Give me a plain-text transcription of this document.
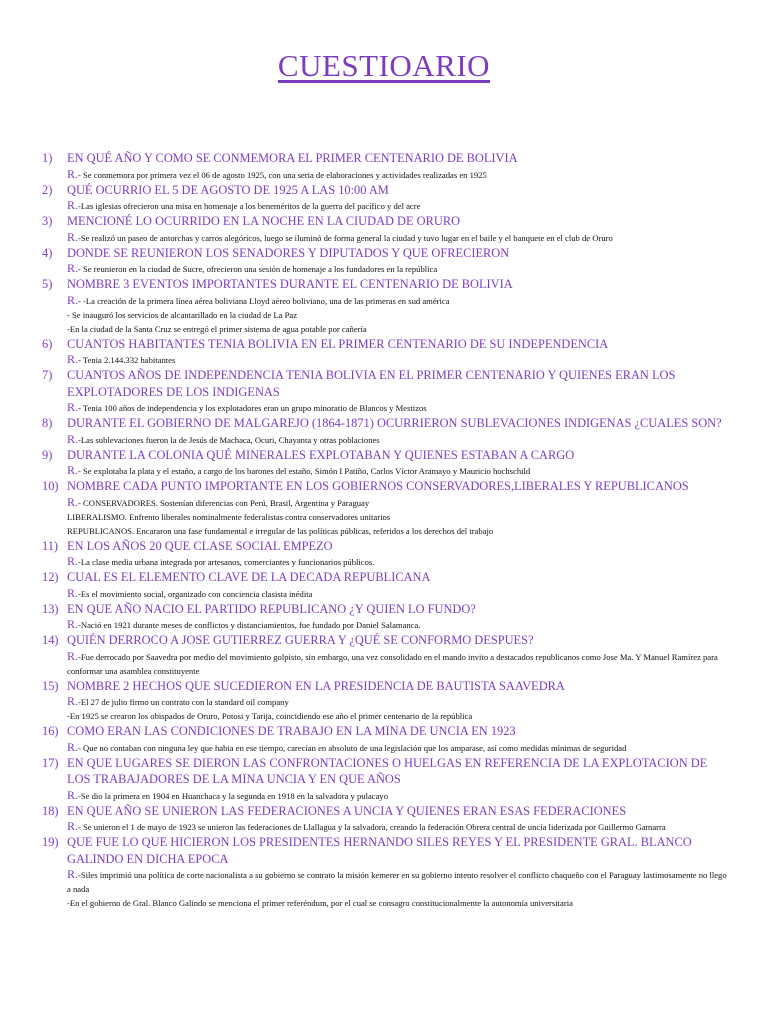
CUESTIOARIO
1) EN QUÉ AÑO Y COMO SE CONMEMORA EL PRIMER CENTENARIO DE BOLIVIA
R.- Se conmemora por primera vez el 06 de agosto 1925, con una seria de elaboraciones y actividades realizadas en 1925
2) QUÉ OCURRIO EL 5 DE AGOSTO DE 1925 A LAS 10:00 AM
R.-Las iglesias ofrecieron una misa en homenaje a los beneméritos de la guerra del pacífico y del acre
3) MENCIONÉ LO OCURRIDO EN LA NOCHE EN LA CIUDAD DE ORURO
R.-Se realizó un paseo de antorchas y carros alegóricos, luego se iluminó de forma general la ciudad y tuvo lugar en el baile y el banquete en el club de Oruro
4) DONDE SE REUNIERON LOS SENADORES Y DIPUTADOS Y QUE OFRECIERON
R.- Se reunieron en la ciudad de Sucre, ofrecieron una sesión de homenaje a los fundadores en la república
5) NOMBRE 3 EVENTOS IMPORTANTES DURANTE EL CENTENARIO DE BOLIVIA
R.- -La creación de la primera línea aérea boliviana Lloyd aéreo boliviano, una de las primeras en sud américa
- Se inauguró los servicios de alcantarillado en la ciudad de La Paz
-En la ciudad de la Santa Cruz se entregó el primer sistema de agua potable por cañería
6) CUANTOS HABITANTES TENIA BOLIVIA EN EL PRIMER CENTENARIO DE SU INDEPENDENCIA
R.- Tenia 2.144.332 habitantes
7) CUANTOS AÑOS DE INDEPENDENCIA TENIA BOLIVIA EN EL PRIMER CENTENARIO Y QUIENES ERAN LOS EXPLOTADORES DE LOS INDIGENAS
R.- Tenia 100 años de independencia y los explotadores eran un grupo minoratio de Blancos y Mestizos
8) DURANTE EL GOBIERNO DE MALGAREJO (1864-1871) OCURRIERON SUBLEVACIONES INDIGENAS ¿CUALES SON?
R.-Las sublevaciones fueron la de Jesús de Machaca, Ocuri, Chayanta y otras poblaciones
9) DURANTE LA COLONIA QUÉ MINERALES EXPLOTABAN Y QUIENES ESTABAN A CARGO
R.- Se explotaba la plata y el estaño, a cargo de los barones del estaño, Simón I Patiño, Carlos Víctor Aramayo y Mauricio hochschild
10) NOMBRE CADA PUNTO IMPORTANTE EN LOS GOBIERNOS CONSERVADORES,LIBERALES Y REPUBLICANOS
R.- CONSERVADORES. Sostenían diferencias con Perú, Brasil, Argentina y Paraguay
LIBERALISMO. Enfrento liberales nominalmente federalistas contra conservadores unitarios
REPUBLICANOS. Encararon una fase fundamental e irregular de las políticas públicas, referidos a los derechos del trabajo
11) EN LOS AÑOS 20 QUE CLASE SOCIAL EMPEZO
R.-La clase media urbana integrada por artesanos, comerciantes y funcionarios públicos.
12) CUAL ES EL ELEMENTO CLAVE DE LA DECADA REPUBLICANA
R.-Es el movimiento social, organizado con conciencia clasista inédita
13) EN QUE AÑO NACIO EL PARTIDO REPUBLICANO ¿Y QUIEN LO FUNDO?
R.-Nació en 1921 durante meses de conflictos y distanciamientos, fue fundado por Daniel Salamanca.
14) QUIÉN DERROCO A JOSE GUTIERREZ GUERRA Y ¿QUÉ SE CONFORMO DESPUES?
R.-Fue derrocado por Saavedra por medio del movimiento golpisto, sin embargo, una vez consolidado en el mando invito a destacados republicanos como Jose Ma. Y Manuel Ramírez para conformar una asamblea constituyente
15) NOMBRE 2 HECHOS QUE SUCEDIERON EN LA PRESIDENCIA DE BAUTISTA SAAVEDRA
R.-El 27 de julio firmo un contrato con la standard oil company
-En 1925 se crearon los obispados de Oruro, Potosi y Tarija, coincidiendo ese año el primer centenario de la república
16) COMO ERAN LAS CONDICIONES DE TRABAJO EN LA MINA DE UNCIA EN 1923
R.- Que no contaban con ninguna ley que habia en ese tiempo, carecían en absoluto de una legislación que los amparase, así como medidas mínimas de seguridad
17) EN QUE LUGARES SE DIERON LAS CONFRONTACIONES O HUELGAS EN REFERENCIA DE LA EXPLOTACION DE LOS TRABAJADORES DE LA MINA UNCIA Y EN QUE AÑOS
R.-Se dio la primera en 1904 en Huanchaca y la segunda en 1918 en la salvadora y pulacayo
18) EN QUE AÑO SE UNIERON LAS FEDERACIONES A UNCIA Y QUIENES ERAN ESAS FEDERACIONES
R.- Se unieron el 1 de mayo de 1923 se unieron las federaciones de Llallagua y la salvadora, creando la federación Obrera central de uncía liderizada por Guillermo Gamarra
19) QUE FUE LO QUE HICIERON LOS PRESIDENTES HERNANDO SILES REYES Y EL PRESIDENTE GRAL. BLANCO GALINDO EN DICHA EPOCA
R.-Siles imprimió una política de corte nacionalista a su gobierno se contrato la misión kemerer en su gobierno intento resolver el conflicto chaqueño con el Paraguay lastimosamente no llego a nada
-En el gobierno de Gral. Blanco Galindo se menciona el primer referéndum, por el cual se consagro constitucionalmente la autonomía universitaria
